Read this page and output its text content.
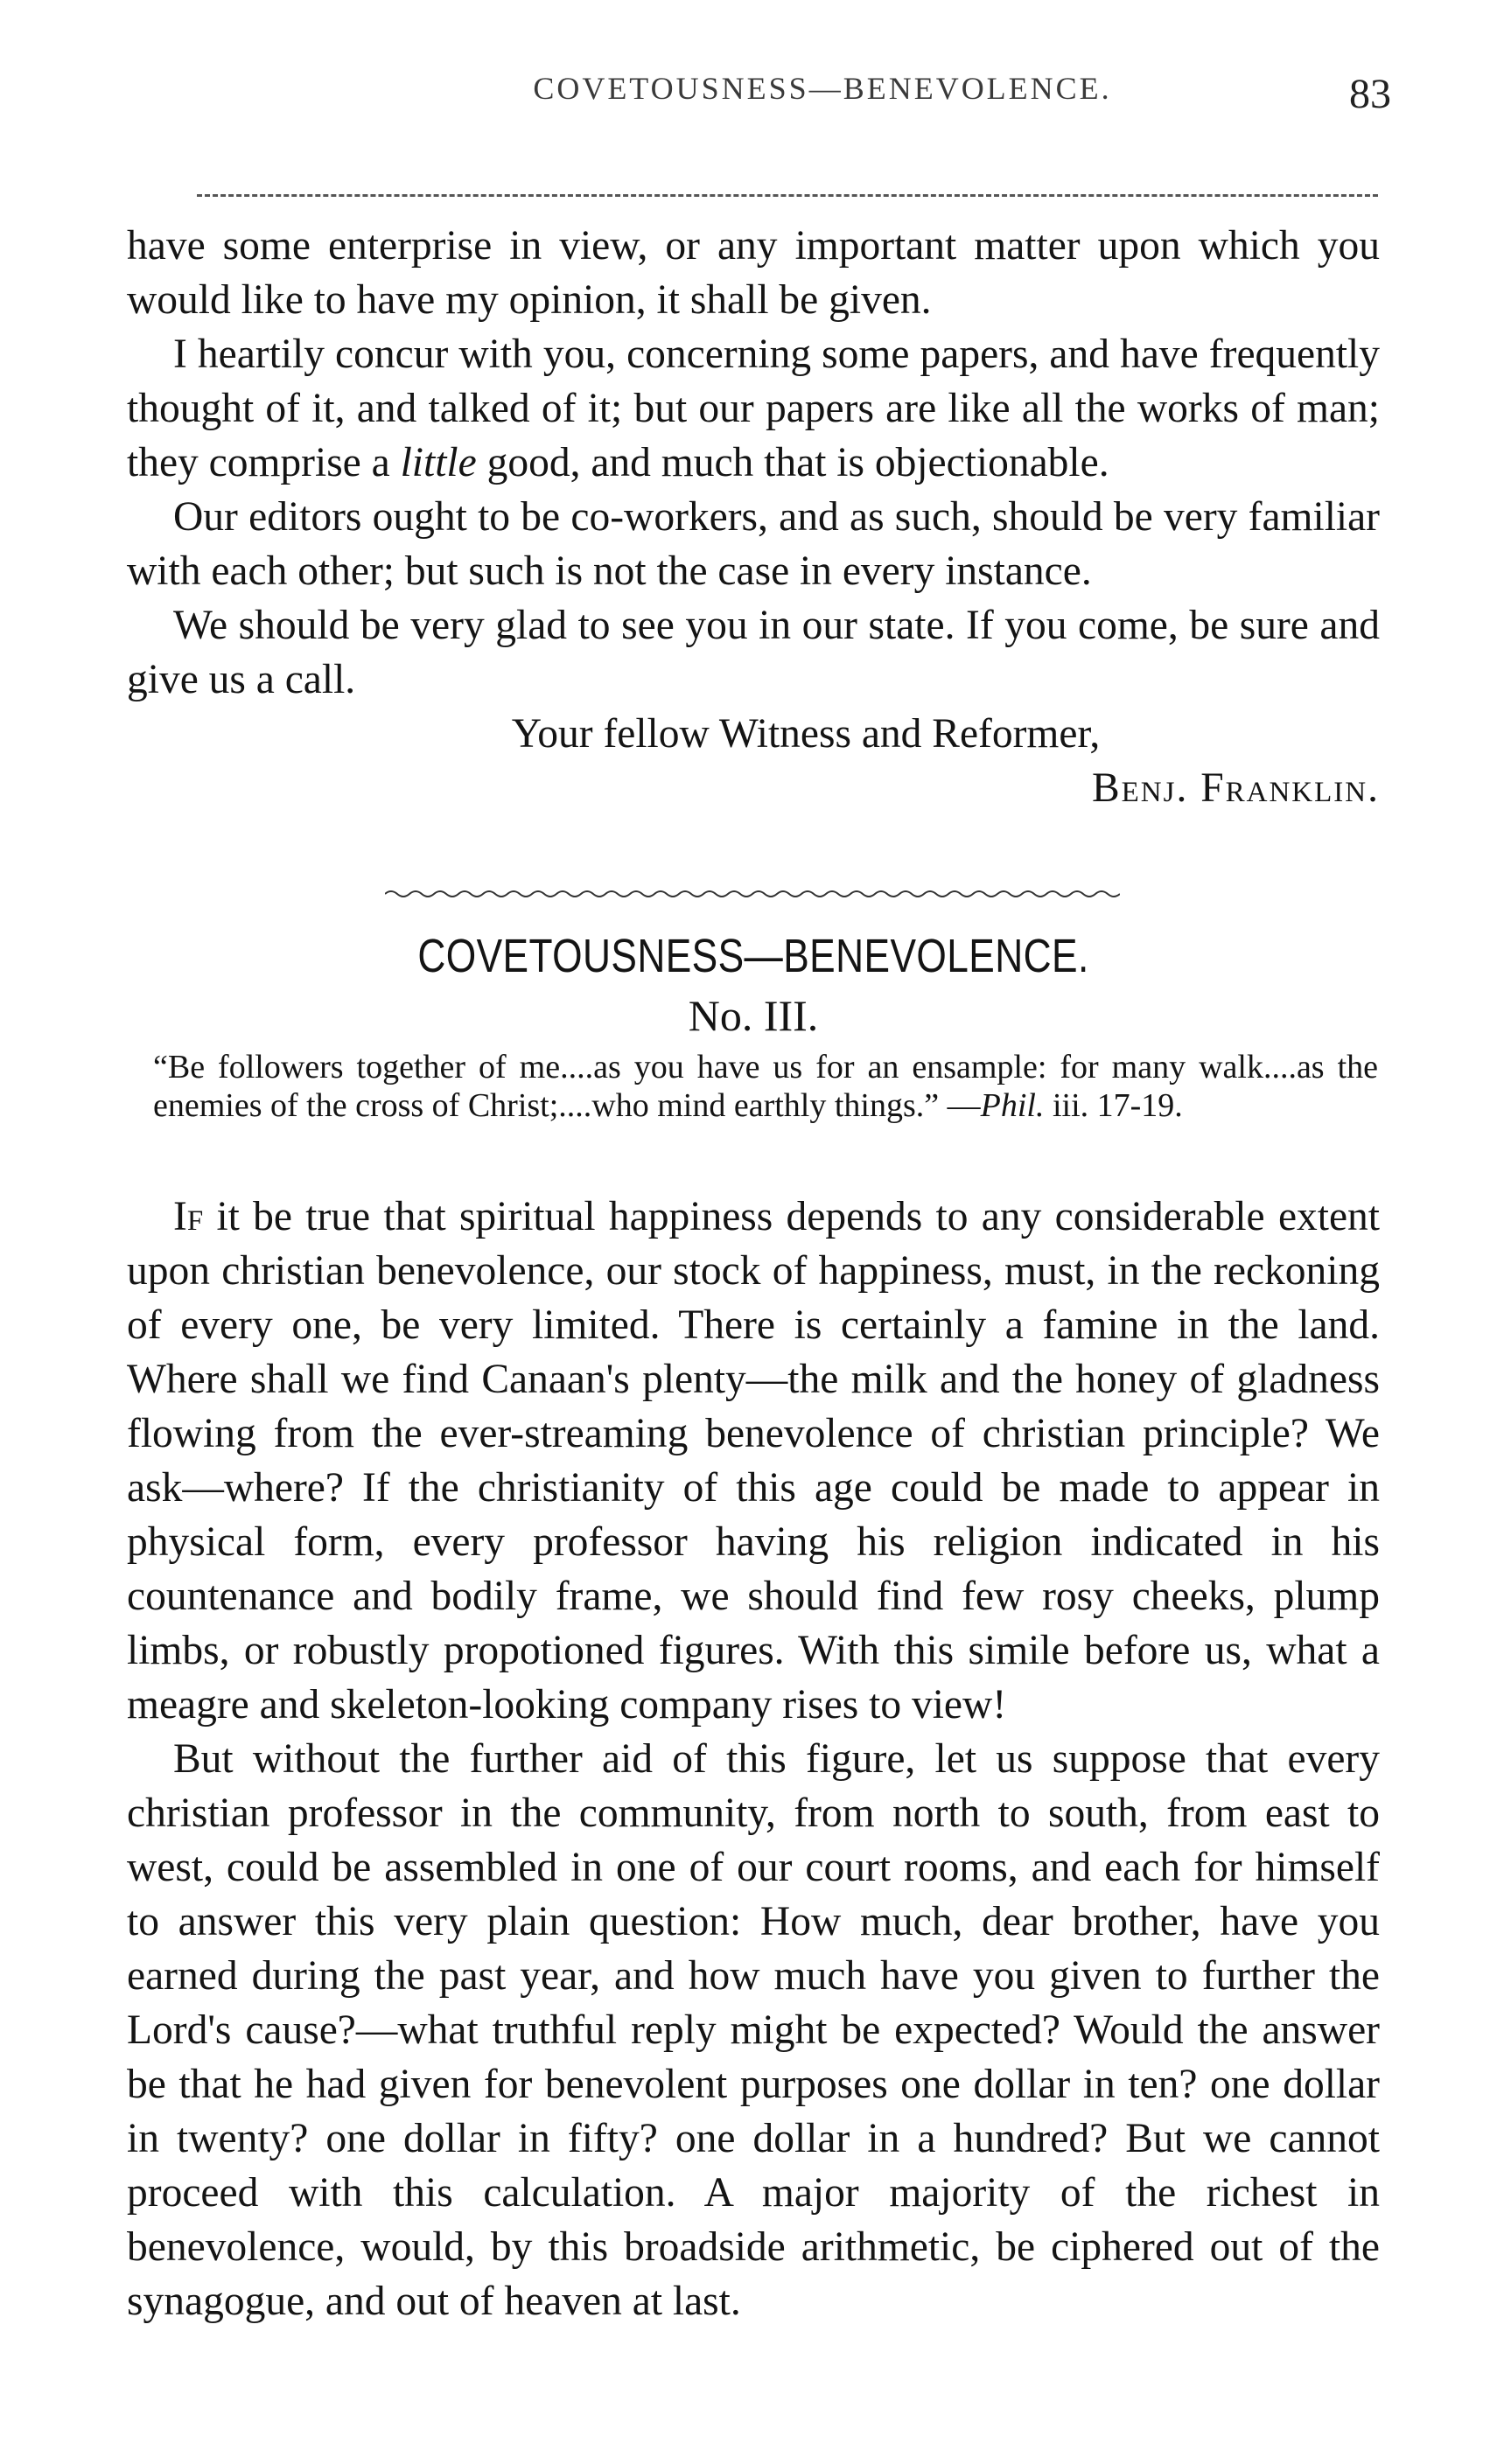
COVETOUSNESS—BENEVOLENCE.	83

have some enterprise in view, or any important matter upon which you would like to have my opinion, it shall be given.

I heartily concur with you, concerning some papers, and have frequently thought of it, and talked of it; but our papers are like all the works of man; they comprise a little good, and much that is objectionable.

Our editors ought to be co-workers, and as such, should be very familiar with each other; but such is not the case in every instance.

We should be very glad to see you in our state. If you come, be sure and give us a call.

Your fellow Witness and Reformer,

Benj. Franklin.

COVETOUSNESS—BENEVOLENCE.
No. III.

“Be followers together of me....as you have us for an ensample: for many walk....as the enemies of the cross of Christ;....who mind earthly things.” —Phil. iii. 17-19.

If it be true that spiritual happiness depends to any considerable extent upon christian benevolence, our stock of happiness, must, in the reckoning of every one, be very limited. There is certainly a famine in the land. Where shall we find Canaan's plenty—the milk and the honey of gladness flowing from the ever-streaming benevolence of christian principle? We ask—where? If the christianity of this age could be made to appear in physical form, every professor having his religion indicated in his countenance and bodily frame, we should find few rosy cheeks, plump limbs, or robustly propotioned figures. With this simile before us, what a meagre and skeleton-looking company rises to view!

But without the further aid of this figure, let us suppose that every christian professor in the community, from north to south, from east to west, could be assembled in one of our court rooms, and each for himself to answer this very plain question: How much, dear brother, have you earned during the past year, and how much have you given to further the Lord's cause?—what truthful reply might be expected? Would the answer be that he had given for benevolent purposes one dollar in ten? one dollar in twenty? one dollar in fifty? one dollar in a hundred? But we cannot proceed with this calculation. A major majority of the richest in benevolence, would, by this broadside arithmetic, be ciphered out of the synagogue, and out of heaven at last.
